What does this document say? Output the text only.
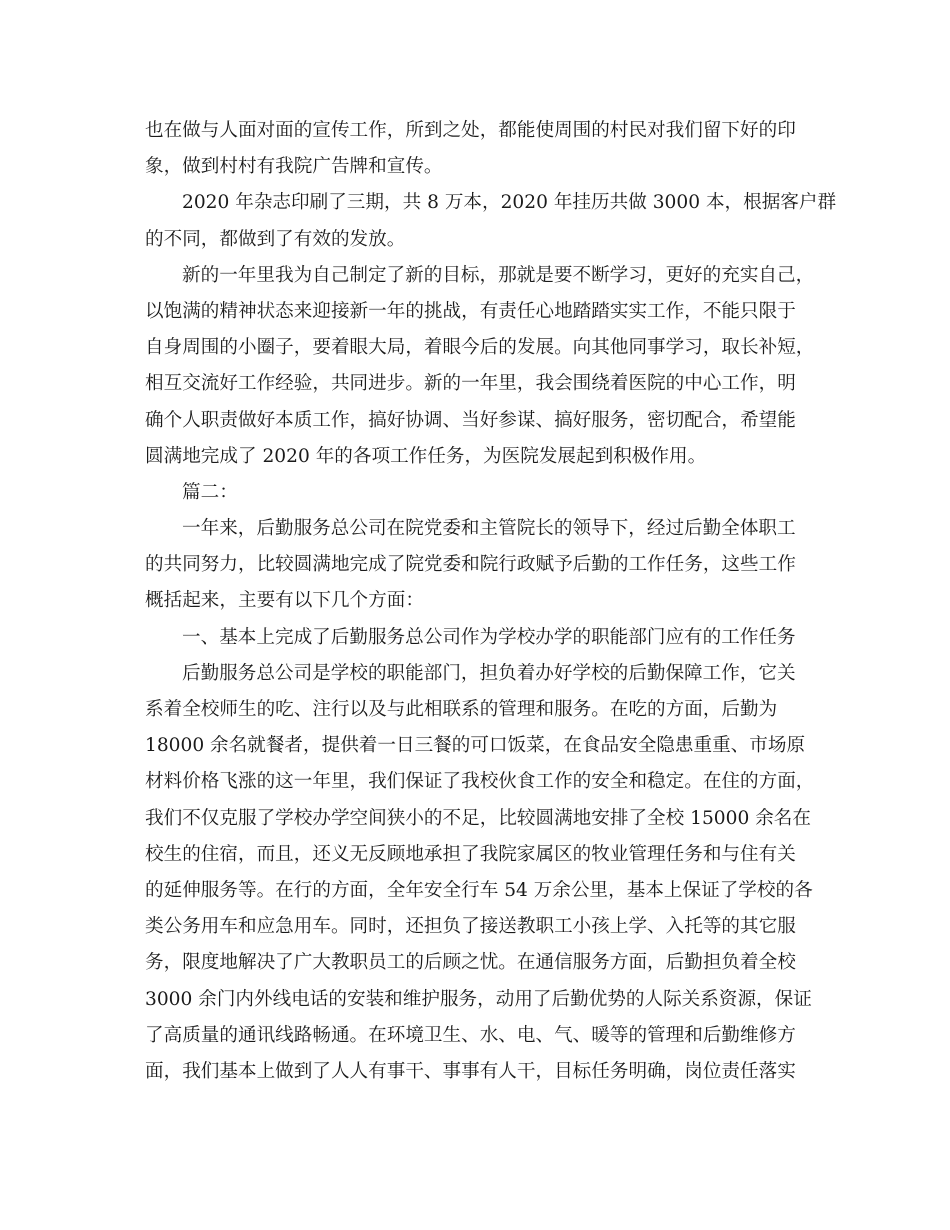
也在做与人面对面的宣传工作，所到之处，都能使周围的村民对我们留下好的印
象，做到村村有我院广告牌和宣传。
2020 年杂志印刷了三期，共 8 万本，2020 年挂历共做 3000 本，根据客户群
的不同，都做到了有效的发放。
新的一年里我为自己制定了新的目标，那就是要不断学习，更好的充实自己，
以饱满的精神状态来迎接新一年的挑战，有责任心地踏踏实实工作，不能只限于
自身周围的小圈子，要着眼大局，着眼今后的发展。向其他同事学习，取长补短，
相互交流好工作经验，共同进步。新的一年里，我会围绕着医院的中心工作，明
确个人职责做好本质工作，搞好协调、当好参谋、搞好服务，密切配合，希望能
圆满地完成了 2020 年的各项工作任务，为医院发展起到积极作用。
篇二：
一年来，后勤服务总公司在院党委和主管院长的领导下，经过后勤全体职工
的共同努力，比较圆满地完成了院党委和院行政赋予后勤的工作任务，这些工作
概括起来，主要有以下几个方面：
一、基本上完成了后勤服务总公司作为学校办学的职能部门应有的工作任务
后勤服务总公司是学校的职能部门，担负着办好学校的后勤保障工作，它关
系着全校师生的吃、注行以及与此相联系的管理和服务。在吃的方面，后勤为
18000 余名就餐者，提供着一日三餐的可口饭菜，在食品安全隐患重重、市场原
材料价格飞涨的这一年里，我们保证了我校伙食工作的安全和稳定。在住的方面，
我们不仅克服了学校办学空间狭小的不足，比较圆满地安排了全校 15000 余名在
校生的住宿，而且，还义无反顾地承担了我院家属区的牧业管理任务和与住有关
的延伸服务等。在行的方面，全年安全行车 54 万余公里，基本上保证了学校的各
类公务用车和应急用车。同时，还担负了接送教职工小孩上学、入托等的其它服
务，限度地解决了广大教职员工的后顾之忧。在通信服务方面，后勤担负着全校
3000 余门内外线电话的安装和维护服务，动用了后勤优势的人际关系资源，保证
了高质量的通讯线路畅通。在环境卫生、水、电、气、暖等的管理和后勤维修方
面，我们基本上做到了人人有事干、事事有人干，目标任务明确，岗位责任落实
